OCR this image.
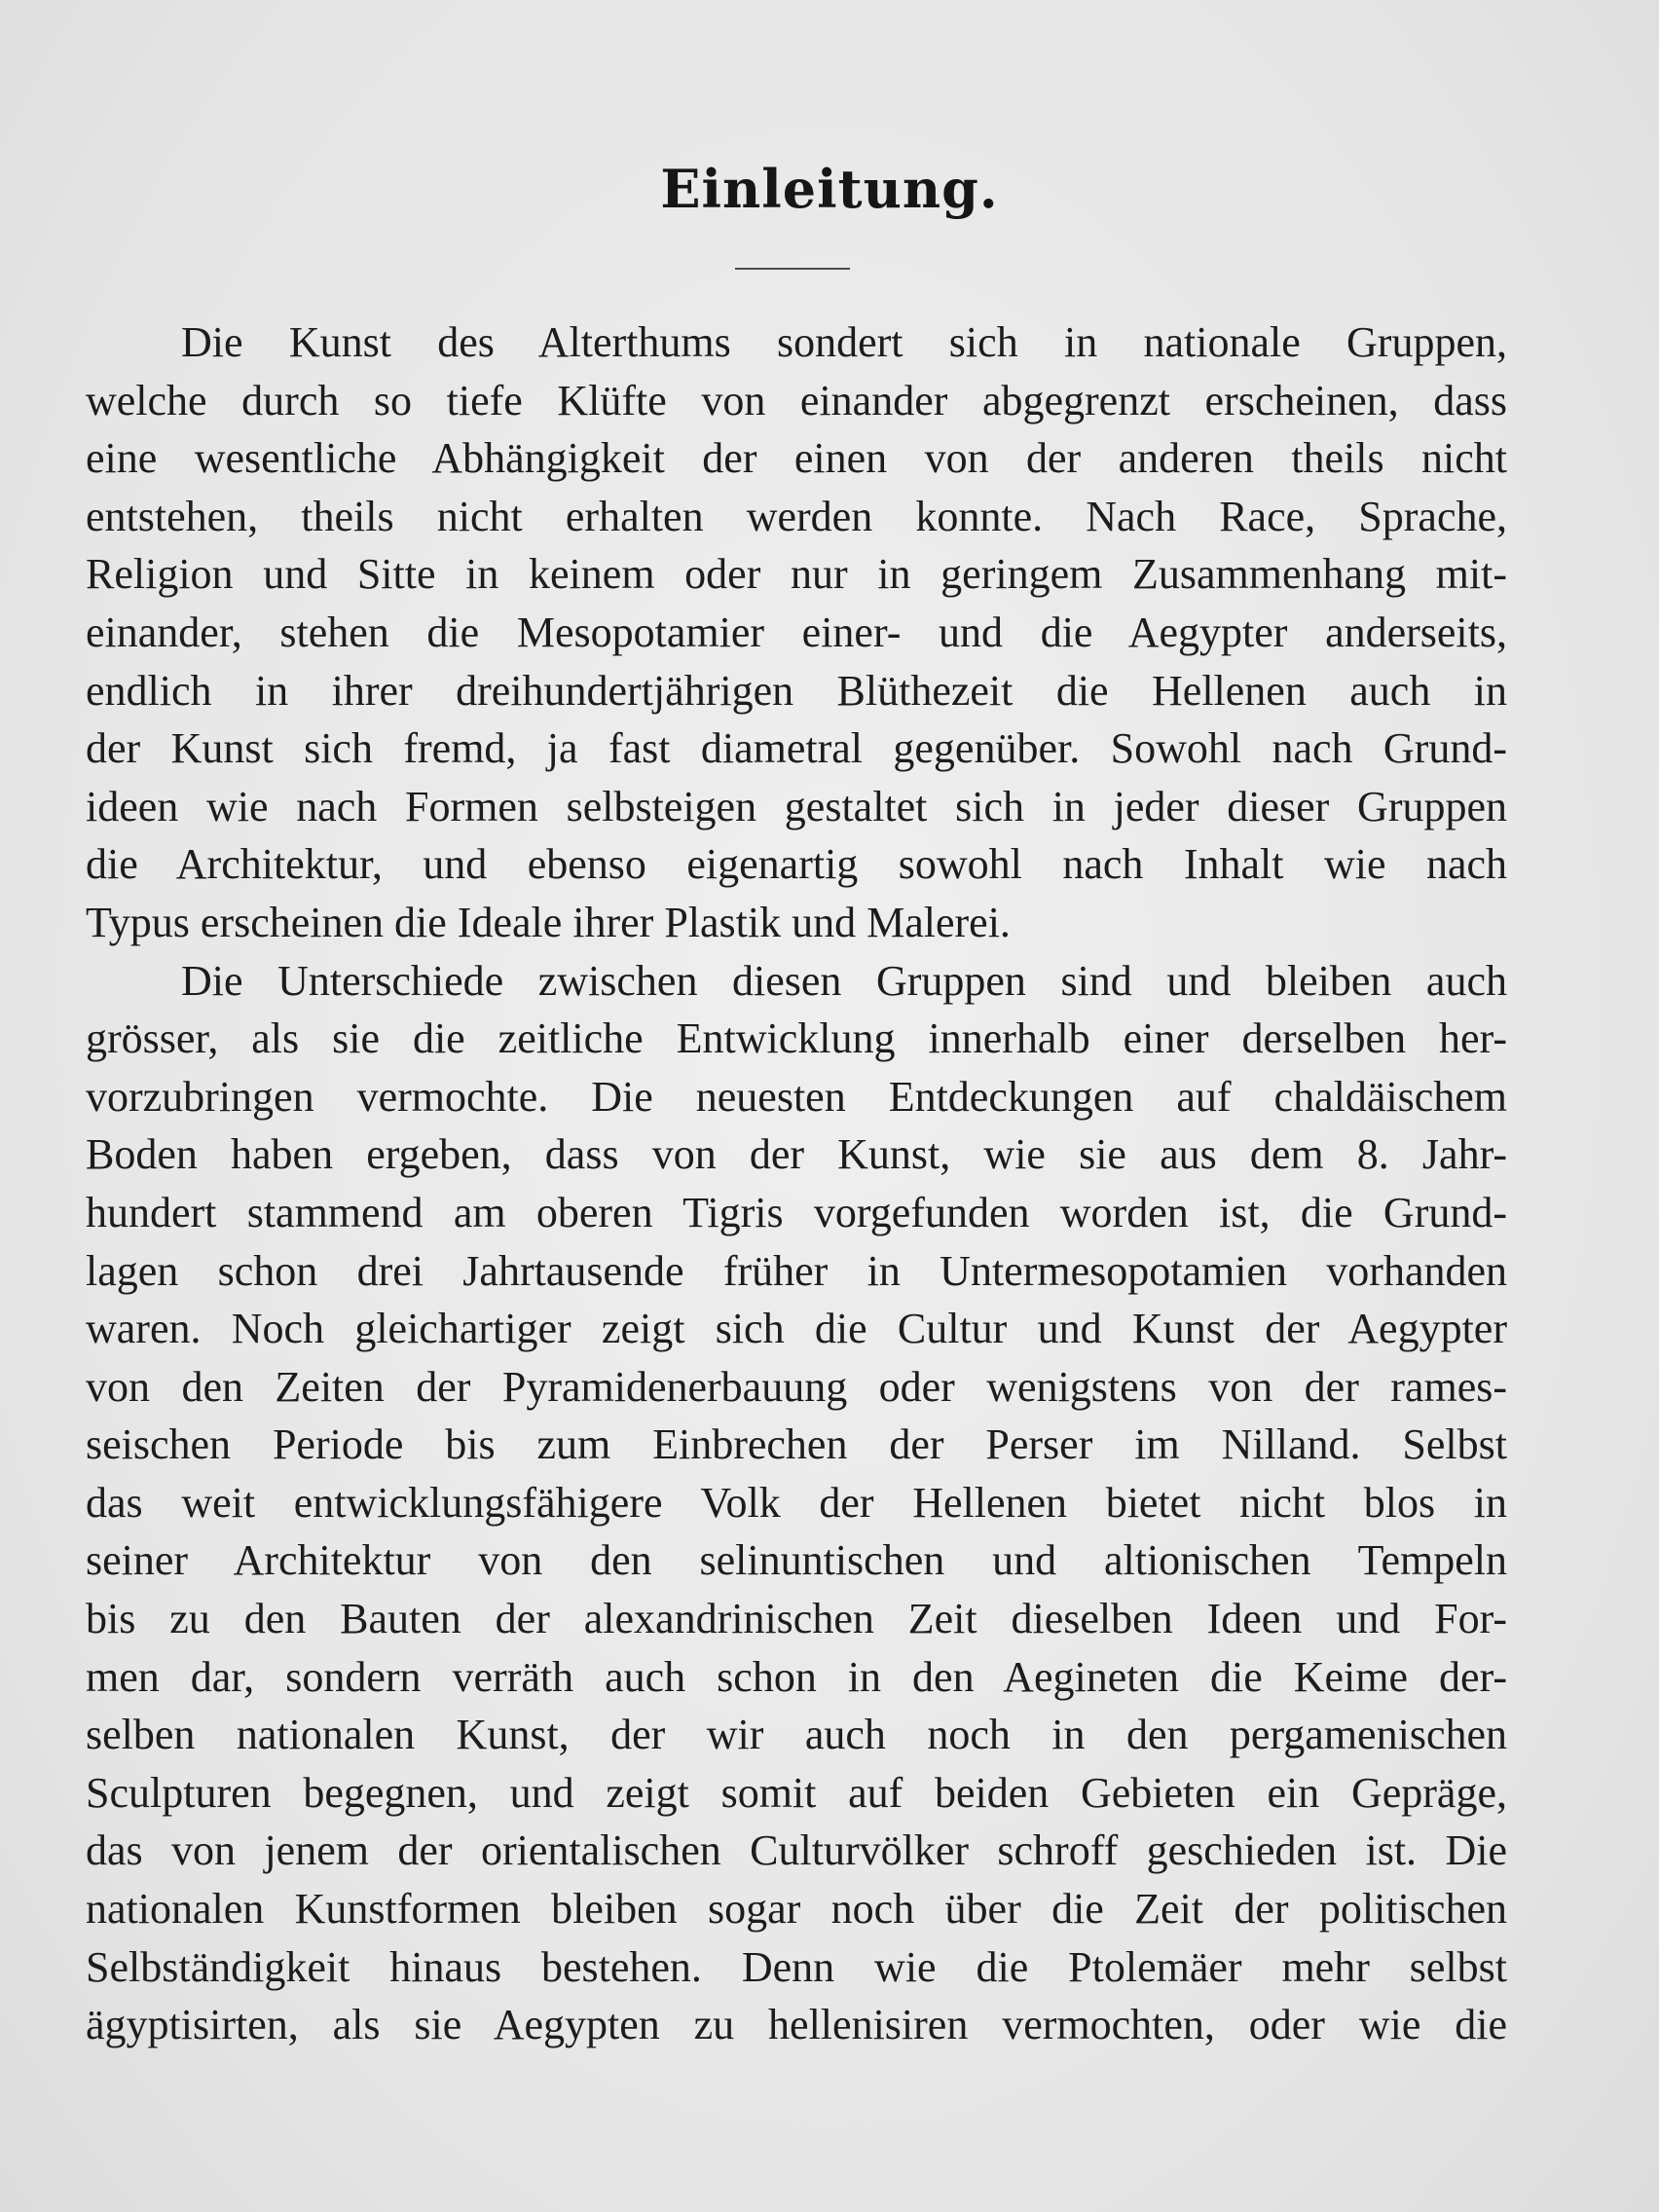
Einleitung.
Die Kunst des Alterthums sondert sich in nationale Gruppen,
welche durch so tiefe Klüfte von einander abgegrenzt erscheinen, dass
eine wesentliche Abhängigkeit der einen von der anderen theils nicht
entstehen, theils nicht erhalten werden konnte. Nach Race, Sprache,
Religion und Sitte in keinem oder nur in geringem Zusammenhang mit-
einander, stehen die Mesopotamier einer- und die Aegypter anderseits,
endlich in ihrer dreihundertjährigen Blüthezeit die Hellenen auch in
der Kunst sich fremd, ja fast diametral gegenüber. Sowohl nach Grund-
ideen wie nach Formen selbsteigen gestaltet sich in jeder dieser Gruppen
die Architektur, und ebenso eigenartig sowohl nach Inhalt wie nach
Typus erscheinen die Ideale ihrer Plastik und Malerei.
Die Unterschiede zwischen diesen Gruppen sind und bleiben auch
grösser, als sie die zeitliche Entwicklung innerhalb einer derselben her-
vorzubringen vermochte. Die neuesten Entdeckungen auf chaldäischem
Boden haben ergeben, dass von der Kunst, wie sie aus dem 8. Jahr-
hundert stammend am oberen Tigris vorgefunden worden ist, die Grund-
lagen schon drei Jahrtausende früher in Untermesopotamien vorhanden
waren. Noch gleichartiger zeigt sich die Cultur und Kunst der Aegypter
von den Zeiten der Pyramidenerbauung oder wenigstens von der rames-
seischen Periode bis zum Einbrechen der Perser im Nilland. Selbst
das weit entwicklungsfähigere Volk der Hellenen bietet nicht blos in
seiner Architektur von den selinuntischen und altionischen Tempeln
bis zu den Bauten der alexandrinischen Zeit dieselben Ideen und For-
men dar, sondern verräth auch schon in den Aegineten die Keime der-
selben nationalen Kunst, der wir auch noch in den pergamenischen
Sculpturen begegnen, und zeigt somit auf beiden Gebieten ein Gepräge,
das von jenem der orientalischen Culturvölker schroff geschieden ist. Die
nationalen Kunstformen bleiben sogar noch über die Zeit der politischen
Selbständigkeit hinaus bestehen. Denn wie die Ptolemäer mehr selbst
ägyptisirten, als sie Aegypten zu hellenisiren vermochten, oder wie die
